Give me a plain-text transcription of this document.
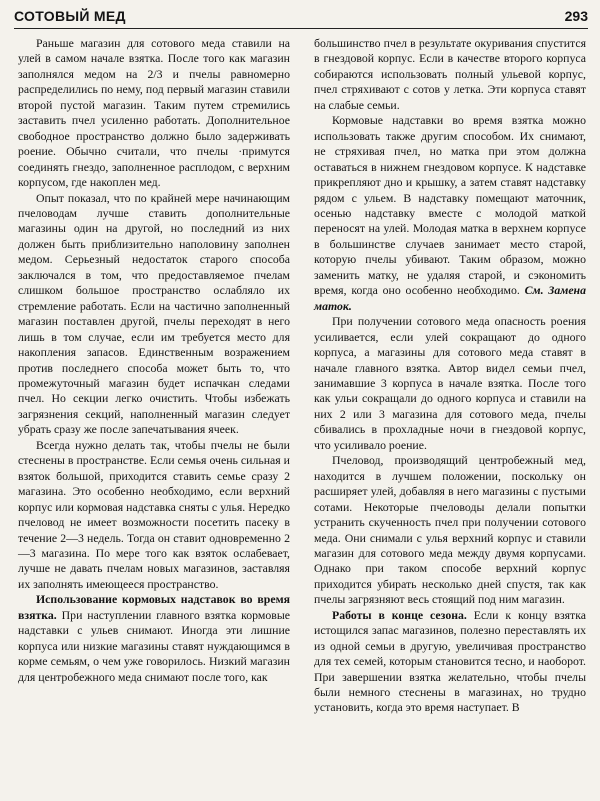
СОТОВЫЙ МЕД	293

Раньше магазин для сотового меда ставили на улей в самом начале взятка. После того как магазин заполнялся медом на 2/3 и пчелы равномерно распределились по нему, под первый магазин ставили второй пустой магазин. Таким путем стремились заставить пчел усиленно работать. Дополнительное свободное пространство должно было задерживать роение. Обычно считали, что пчелы ·примутся соединять гнездо, заполненное расплодом, с верхним корпусом, где накоплен мед.

Опыт показал, что по крайней мере начинающим пчеловодам лучше ставить дополнительные магазины один на другой, но последний из них должен быть приблизительно наполовину заполнен медом. Серьезный недостаток старого способа заключался в том, что предоставляемое пчелам слишком большое пространство ослабляло их стремление работать. Если на частично заполненный магазин поставлен другой, пчелы переходят в него лишь в том случае, если им требуется место для накопления запасов. Единственным возражением против последнего способа может быть то, что промежуточный магазин будет испачкан следами пчел. Но секции легко очистить. Чтобы избежать загрязнения секций, наполненный магазин следует убрать сразу же после запечатывания ячеек.

Всегда нужно делать так, чтобы пчелы не были стеснены в пространстве. Если семья очень сильная и взяток большой, приходится ставить семье сразу 2 магазина. Это особенно необходимо, если верхний корпус или кормовая надставка сняты с улья. Нередко пчеловод не имеет возможности посетить пасеку в течение 2—3 недель. Тогда он ставит одновременно 2—3 магазина. По мере того как взяток ослабевает, лучше не давать пчелам новых магазинов, заставляя их заполнять имеющееся пространство.

Использование кормовых надставок во время взятка. При наступлении главного взятка кормовые надставки с ульев снимают. Иногда эти лишние корпуса или низкие магазины ставят нуждающимся в корме семьям, о чем уже говорилось. Низкий магазин для центробежного меда снимают после того, как

большинство пчел в результате окуривания спустится в гнездовой корпус. Если в качестве второго корпуса собираются использовать полный ульевой корпус, пчел стряхивают с сотов у летка. Эти корпуса ставят на слабые семьи.

Кормовые надставки во время взятка можно использовать также другим способом. Их снимают, не стряхивая пчел, но матка при этом должна оставаться в нижнем гнездовом корпусе. К надставке прикрепляют дно и крышку, а затем ставят надставку рядом с ульем. В надставку помещают маточник, осенью надставку вместе с молодой маткой переносят на улей. Молодая матка в верхнем корпусе в большинстве случаев занимает место старой, которую пчелы убивают. Таким образом, можно заменить матку, не удаляя старой, и сэкономить время, когда оно особенно необходимо. См. Замена маток.

При получении сотового меда опасность роения усиливается, если улей сокращают до одного корпуса, а магазины для сотового меда ставят в начале главного взятка. Автор видел семьи пчел, занимавшие 3 корпуса в начале взятка. После того как ульи сокращали до одного корпуса и ставили на них 2 или 3 магазина для сотового меда, пчелы сбивались в прохладные ночи в гнездовой корпус, что усиливало роение.

Пчеловод, производящий центробежный мед, находится в лучшем положении, поскольку он расширяет улей, добавляя в него магазины с пустыми сотами. Некоторые пчеловоды делали попытки устранить скученность пчел при получении сотового меда. Они снимали с улья верхний корпус и ставили магазин для сотового меда между двумя корпусами. Однако при таком способе верхний корпус приходится убирать несколько дней спустя, так как пчелы загрязняют весь стоящий под ним магазин.

Работы в конце сезона. Если к концу взятка истощился запас магазинов, полезно переставлять их из одной семьи в другую, увеличивая пространство для тех семей, которым становится тесно, и наоборот. При завершении взятка желательно, чтобы пчелы были немного стеснены в магазинах, но трудно установить, когда это время наступает. В
